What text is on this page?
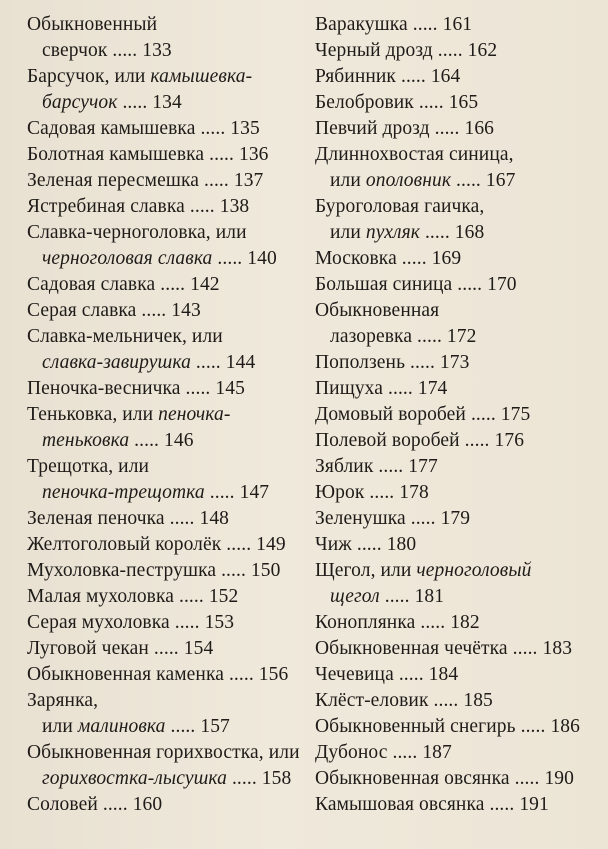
Обыкновенный
сверчок ..... 133
Барсучок, или камышевка-
барсучок ..... 134
Садовая камышевка ..... 135
Болотная камышевка ..... 136
Зеленая пересмешка ..... 137
Ястребиная славка ..... 138
Славка-черноголовка, или
черноголовая славка ..... 140
Садовая славка ..... 142
Серая славка ..... 143
Славка-мельничек, или
славка-завирушка ..... 144
Пеночка-весничка ..... 145
Теньковка, или пеночка-
теньковка ..... 146
Трещотка, или
пеночка-трещотка ..... 147
Зеленая пеночка ..... 148
Желтоголовый королёк ..... 149
Мухоловка-пеструшка ..... 150
Малая мухоловка ..... 152
Серая мухоловка ..... 153
Луговой чекан ..... 154
Обыкновенная каменка ..... 156
Зарянка,
или малиновка ..... 157
Обыкновенная горихвостка, или
горихвостка-лысушка ..... 158
Соловей ..... 160
Варакушка ..... 161
Черный дрозд ..... 162
Рябинник ..... 164
Белобровик ..... 165
Певчий дрозд ..... 166
Длиннохвостая синица,
или ополовник ..... 167
Буроголовая гаичка,
или пухляк ..... 168
Московка ..... 169
Большая синица ..... 170
Обыкновенная
лазоревка ..... 172
Поползень ..... 173
Пищуха ..... 174
Домовый воробей ..... 175
Полевой воробей ..... 176
Зяблик ..... 177
Юрок ..... 178
Зеленушка ..... 179
Чиж ..... 180
Щегол, или черноголовый
щегол ..... 181
Коноплянка ..... 182
Обыкновенная чечётка ..... 183
Чечевица ..... 184
Клёст-еловик ..... 185
Обыкновенный снегирь ..... 186
Дубонос ..... 187
Обыкновенная овсянка ..... 190
Камышовая овсянка ..... 191
